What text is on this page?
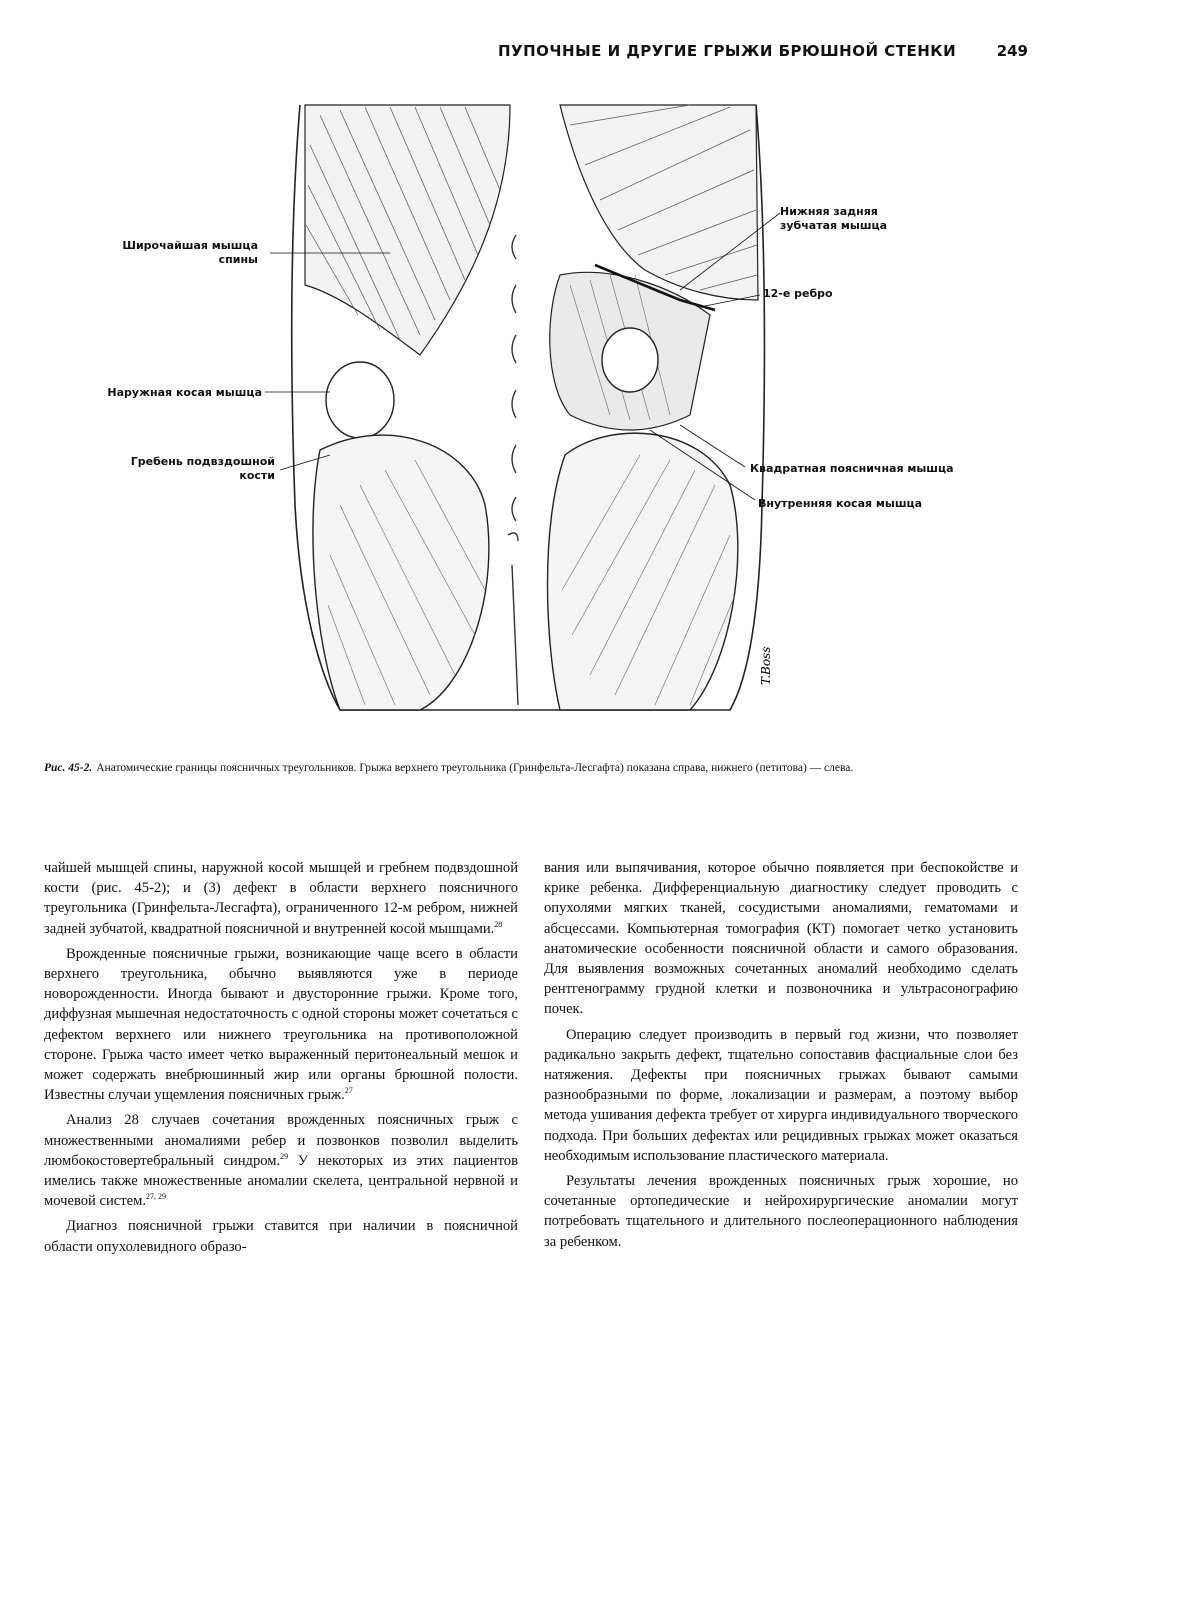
ПУПОЧНЫЕ И ДРУГИЕ ГРЫЖИ БРЮШНОЙ СТЕНКИ	249
Широчайшая мышца
спины
Наружная косая мышца
Гребень подвздошной
кости
Нижняя задняя
зубчатая мышца
12-е ребро
Квадратная поясничная мышца
Внутренняя косая мышца
T.Boss
Рис. 45-2. Анатомические границы поясничных треугольников. Грыжа верхнего треугольника (Гринфельта-Лесгафта) показана справа, нижнего (петитова) — слева.

чайшей мышцей спины, наружной косой мышцей и гребнем подвздошной кости (рис. 45-2); и (3) дефект в области верхнего поясничного треугольника (Гринфельта-Лесгафта), ограниченного 12-м ребром, нижней задней зубчатой, квадратной поясничной и внутренней косой мышцами.$^{28}$

Врожденные поясничные грыжи, возникающие чаще всего в области верхнего треугольника, обычно выявляются уже в периоде новорожденности. Иногда бывают и двусторонние грыжи. Кроме того, диффузная мышечная недостаточность с одной стороны может сочетаться с дефектом верхнего или нижнего треугольника на противоположной стороне. Грыжа часто имеет четко выраженный перитонеальный мешок и может содержать внебрюшинный жир или органы брюшной полости. Известны случаи ущемления поясничных грыж.$^{27}$

Анализ 28 случаев сочетания врожденных поясничных грыж с множественными аномалиями ребер и позвонков позволил выделить люмбокостовертебральный синдром.$^{29}$ У некоторых из этих пациентов имелись также множественные аномалии скелета, центральной нервной и мочевой систем.$^{27, 29}$

Диагноз поясничной грыжи ставится при наличии в поясничной области опухолевидного образо-

вания или выпячивания, которое обычно появляется при беспокойстве и крике ребенка. Дифференциальную диагностику следует проводить с опухолями мягких тканей, сосудистыми аномалиями, гематомами и абсцессами. Компьютерная томография (КТ) помогает четко установить анатомические особенности поясничной области и самого образования. Для выявления возможных сочетанных аномалий необходимо сделать рентгенограмму грудной клетки и позвоночника и ультрасонографию почек.

Операцию следует производить в первый год жизни, что позволяет радикально закрыть дефект, тщательно сопоставив фасциальные слои без натяжения. Дефекты при поясничных грыжах бывают самыми разнообразными по форме, локализации и размерам, а поэтому выбор метода ушивания дефекта требует от хирурга индивидуального творческого подхода. При больших дефектах или рецидивных грыжах может оказаться необходимым использование пластического материала.

Результаты лечения врожденных поясничных грыж хорошие, но сочетанные ортопедические и нейрохирургические аномалии могут потребовать тщательного и длительного послеоперационного наблюдения за ребенком.
